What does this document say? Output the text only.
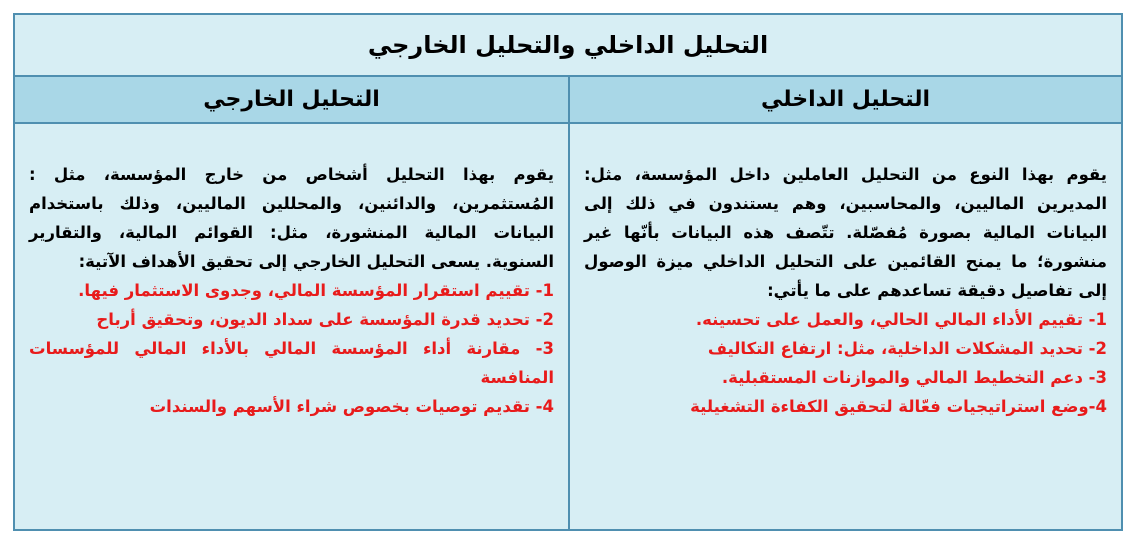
التحليل الداخلي والتحليل الخارجي
التحليل الداخلي
التحليل الخارجي
يقوم بهذا النوع من التحليل العاملين داخل المؤسسة، مثل: المديرين الماليين، والمحاسبين، وهم يستندون في ذلك إلى البيانات المالية بصورة مُفصّلة. تتّصف هذه البيانات بأنّها غير منشورة؛ ما يمنح القائمين على التحليل الداخلي ميزة الوصول إلى تفاصيل دقيقة تساعدهم على ما يأتي:
1- تقييم الأداء المالي الحالي، والعمل على تحسينه.
2- تحديد المشكلات الداخلية، مثل: ارتفاع التكاليف
3- دعم التخطيط المالي والموازنات المستقبلية.
4-وضع استراتيجيات فعّالة لتحقيق الكفاءة التشغيلية
يقوم بهذا التحليل أشخاص من خارج المؤسسة، مثل : المُستثمرين، والدائنين، والمحللين الماليين، وذلك باستخدام البيانات المالية المنشورة، مثل: القوائم المالية، والتقارير السنوية. يسعى التحليل الخارجي إلى تحقيق الأهداف الآتية:
1- تقييم استقرار المؤسسة المالي، وجدوى الاستثمار فيها.
2- تحديد قدرة المؤسسة على سداد الديون، وتحقيق أرباح
3- مقارنة أداء المؤسسة المالي بالأداء المالي للمؤسسات المنافسة
4- تقديم توصيات بخصوص شراء الأسهم والسندات
